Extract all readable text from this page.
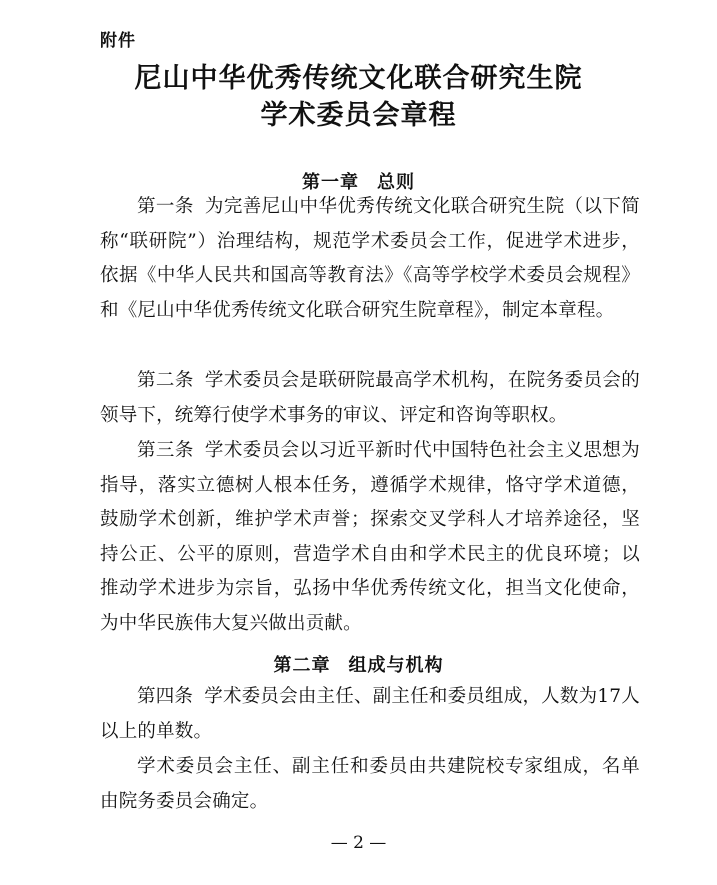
附件
尼山中华优秀传统文化联合研究生院
学术委员会章程
第一章 总则

第一条 为完善尼山中华优秀传统文化联合研究生院（以下简称“联研院”）治理结构，规范学术委员会工作，促进学术进步，依据《中华人民共和国高等教育法》《高等学校学术委员会规程》和《尼山中华优秀传统文化联合研究生院章程》，制定本章程。

第二条 学术委员会是联研院最高学术机构，在院务委员会的领导下，统筹行使学术事务的审议、评定和咨询等职权。

第三条 学术委员会以习近平新时代中国特色社会主义思想为指导，落实立德树人根本任务，遵循学术规律，恪守学术道德，鼓励学术创新，维护学术声誉；探索交叉学科人才培养途径，坚持公正、公平的原则，营造学术自由和学术民主的优良环境；以推动学术进步为宗旨，弘扬中华优秀传统文化，担当文化使命，为中华民族伟大复兴做出贡献。

第二章 组成与机构

第四条 学术委员会由主任、副主任和委员组成，人数为17人以上的单数。

学术委员会主任、副主任和委员由共建院校专家组成，名单由院务委员会确定。

— 2 —
